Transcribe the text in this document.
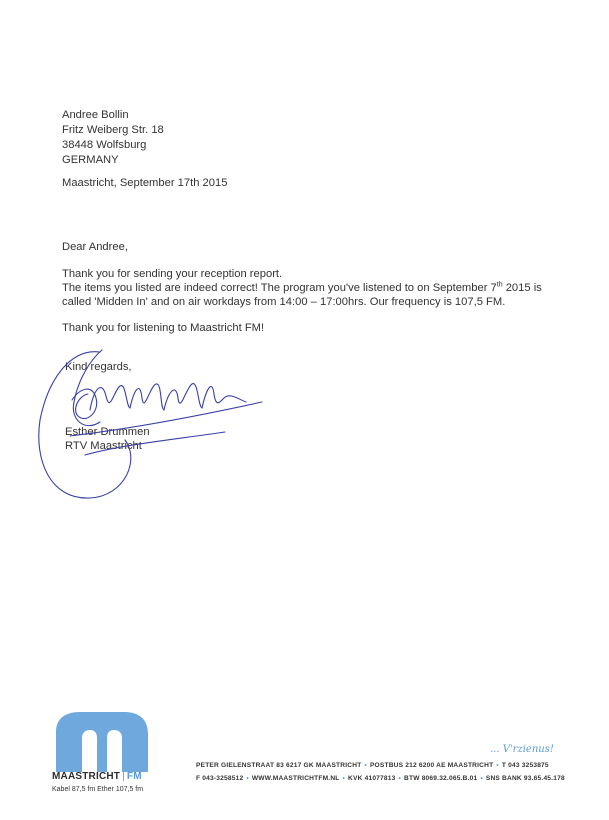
Andree Bollin
Fritz Weiberg Str. 18
38448 Wolfsburg
GERMANY
Maastricht, September 17th 2015
Dear Andree,
Thank you for sending your reception report.
The items you listed are indeed correct! The program you've listened to on September 7th 2015 is
called 'Midden In' and on air workdays from 14:00 – 17:00hrs. Our frequency is 107,5 FM.
Thank you for listening to Maastricht FM!
Kind regards,
Esther Drummen
RTV Maastricht
MAASTRICHT | FM
Kabel 87,5 fm Ether 107,5 fm
... V'rzienus!
PETER GIELENSTRAAT 83 6217 GK MAASTRICHT • POSTBUS 212 6200 AE MAASTRICHT • T 043 3253875
F 043-3258512 • WWW.MAASTRICHTFM.NL • KVK 41077813 • BTW 8069.32.065.B.01 • SNS BANK 93.65.45.178
